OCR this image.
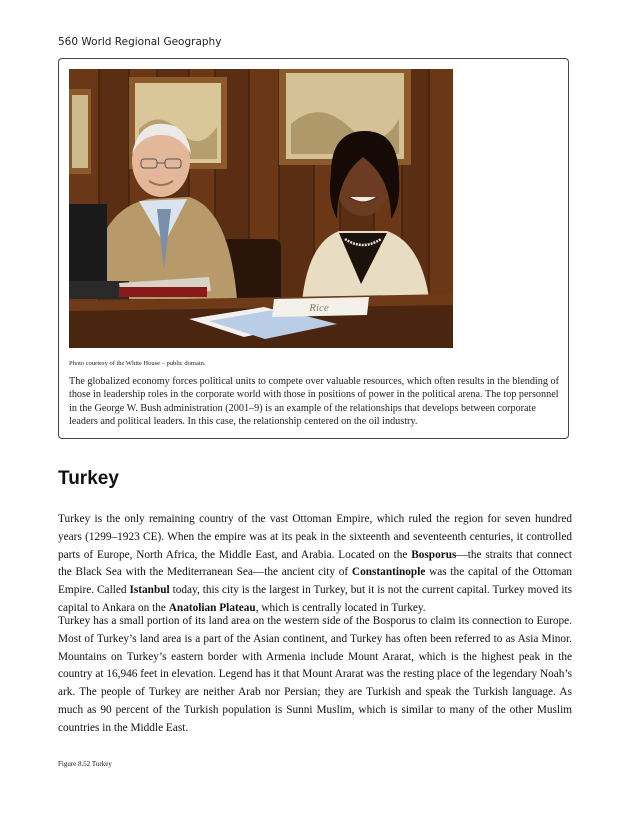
560 World Regional Geography
Rice
Photo courtesy of the White House – public domain.
The globalized economy forces political units to compete over valuable resources, which often results in the blending of those in leadership roles in the corporate world with those in positions of power in the political arena. The top personnel in the George W. Bush administration (2001–9) is an example of the relationships that develops between corporate leaders and political leaders. In this case, the relationship centered on the oil industry.
Turkey

Turkey is the only remaining country of the vast Ottoman Empire, which ruled the region for seven hundred years (1299–1923 CE). When the empire was at its peak in the sixteenth and seventeenth centuries, it controlled parts of Europe, North Africa, the Middle East, and Arabia. Located on the Bosporus—the straits that connect the Black Sea with the Mediterranean Sea—the ancient city of Constantinople was the capital of the Ottoman Empire. Called Istanbul today, this city is the largest in Turkey, but it is not the current capital. Turkey moved its capital to Ankara on the Anatolian Plateau, which is centrally located in Turkey.

Turkey has a small portion of its land area on the western side of the Bosporus to claim its connection to Europe. Most of Turkey’s land area is a part of the Asian continent, and Turkey has often been referred to as Asia Minor. Mountains on Turkey’s eastern border with Armenia include Mount Ararat, which is the highest peak in the country at 16,946 feet in elevation. Legend has it that Mount Ararat was the resting place of the legendary Noah’s ark. The people of Turkey are neither Arab nor Persian; they are Turkish and speak the Turkish language. As much as 90 percent of the Turkish population is Sunni Muslim, which is similar to many of the other Muslim countries in the Middle East.

Figure 8.52 Turkey
